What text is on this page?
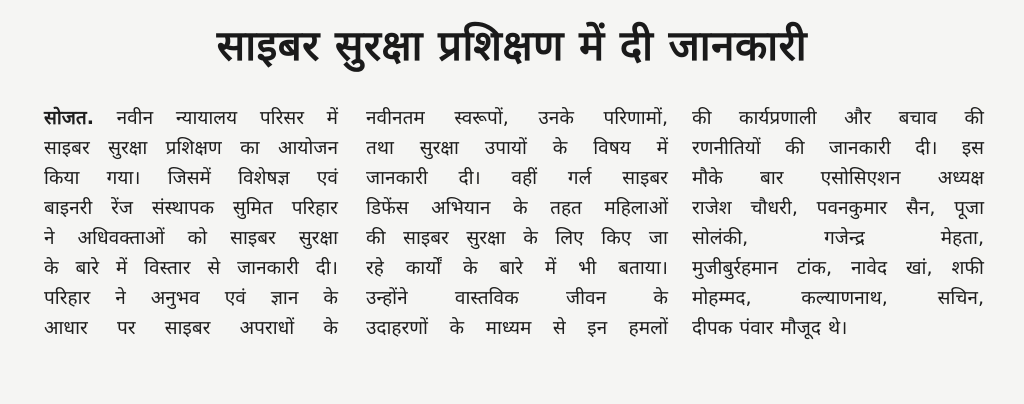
साइबर सुरक्षा प्रशिक्षण में दी जानकारी
सोजत. नवीन न्यायालय परिसर में
साइबर सुरक्षा प्रशिक्षण का आयोजन
किया गया। जिसमें विशेषज्ञ एवं
बाइनरी रेंज संस्थापक सुमित परिहार
ने अधिवक्ताओं को साइबर सुरक्षा
के बारे में विस्तार से जानकारी दी।
परिहार ने अनुभव एवं ज्ञान के
आधार पर साइबर अपराधों के
नवीनतम स्वरूपों, उनके परिणामों,
तथा सुरक्षा उपायों के विषय में
जानकारी दी। वहीं गर्ल साइबर
डिफेंस अभियान के तहत महिलाओं
की साइबर सुरक्षा के लिए किए जा
रहे कार्यों के बारे में भी बताया।
उन्होंने वास्तविक जीवन के
उदाहरणों के माध्यम से इन हमलों
की कार्यप्रणाली और बचाव की
रणनीतियों की जानकारी दी। इस
मौके बार एसोसिएशन अध्यक्ष
राजेश चौधरी, पवनकुमार सैन, पूजा
सोलंकी,	गजेन्द्र	मेहता,
मुजीबुर्रहमान टांक, नावेद खां, शफी
मोहम्मद,	कल्याणनाथ,	सचिन,
दीपक पंवार मौजूद थे।
